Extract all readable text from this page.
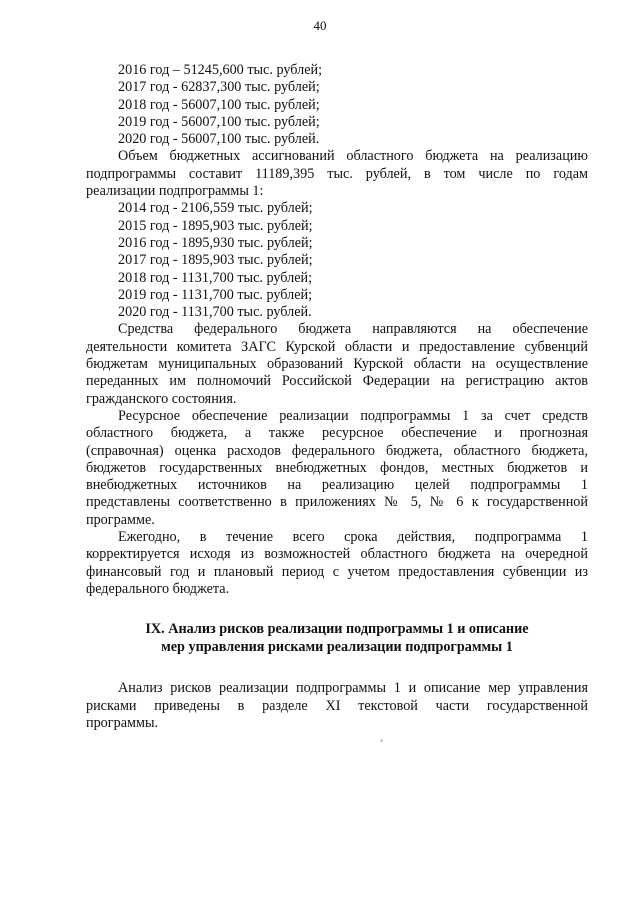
40
2016 год – 51245,600 тыс. рублей;
2017 год - 62837,300 тыс. рублей;
2018 год - 56007,100 тыс. рублей;
2019 год - 56007,100 тыс. рублей;
2020 год - 56007,100 тыс. рублей.
Объем бюджетных ассигнований областного бюджета на реализацию
подпрограммы составит 11189,395 тыс. рублей, в том числе по годам
реализации подпрограммы 1:
2014 год - 2106,559 тыс. рублей;
2015 год - 1895,903 тыс. рублей;
2016 год - 1895,930 тыс. рублей;
2017 год - 1895,903 тыс. рублей;
2018 год - 1131,700 тыс. рублей;
2019 год - 1131,700 тыс. рублей;
2020 год - 1131,700 тыс. рублей.
Средства федерального бюджета направляются на обеспечение
деятельности комитета ЗАГС Курской области и предоставление субвенций
бюджетам муниципальных образований Курской области на осуществление
переданных им полномочий Российской Федерации на регистрацию актов
гражданского состояния.
Ресурсное обеспечение реализации подпрограммы 1 за счет средств
областного бюджета, а также ресурсное обеспечение и прогнозная
(справочная) оценка расходов федерального бюджета, областного бюджета,
бюджетов государственных внебюджетных фондов, местных бюджетов и
внебюджетных источников на реализацию целей подпрограммы 1
представлены соответственно в приложениях № 5, № 6 к государственной
программе.
Ежегодно, в течение всего срока действия, подпрограмма 1
корректируется исходя из возможностей областного бюджета на очередной
финансовый год и плановый период с учетом предоставления субвенции из
федерального бюджета.
IX. Анализ рисков реализации подпрограммы 1 и описание
мер управления рисками реализации подпрограммы 1
Анализ рисков реализации подпрограммы 1 и описание мер управления
рисками приведены в разделе XI текстовой части государственной
программы.
